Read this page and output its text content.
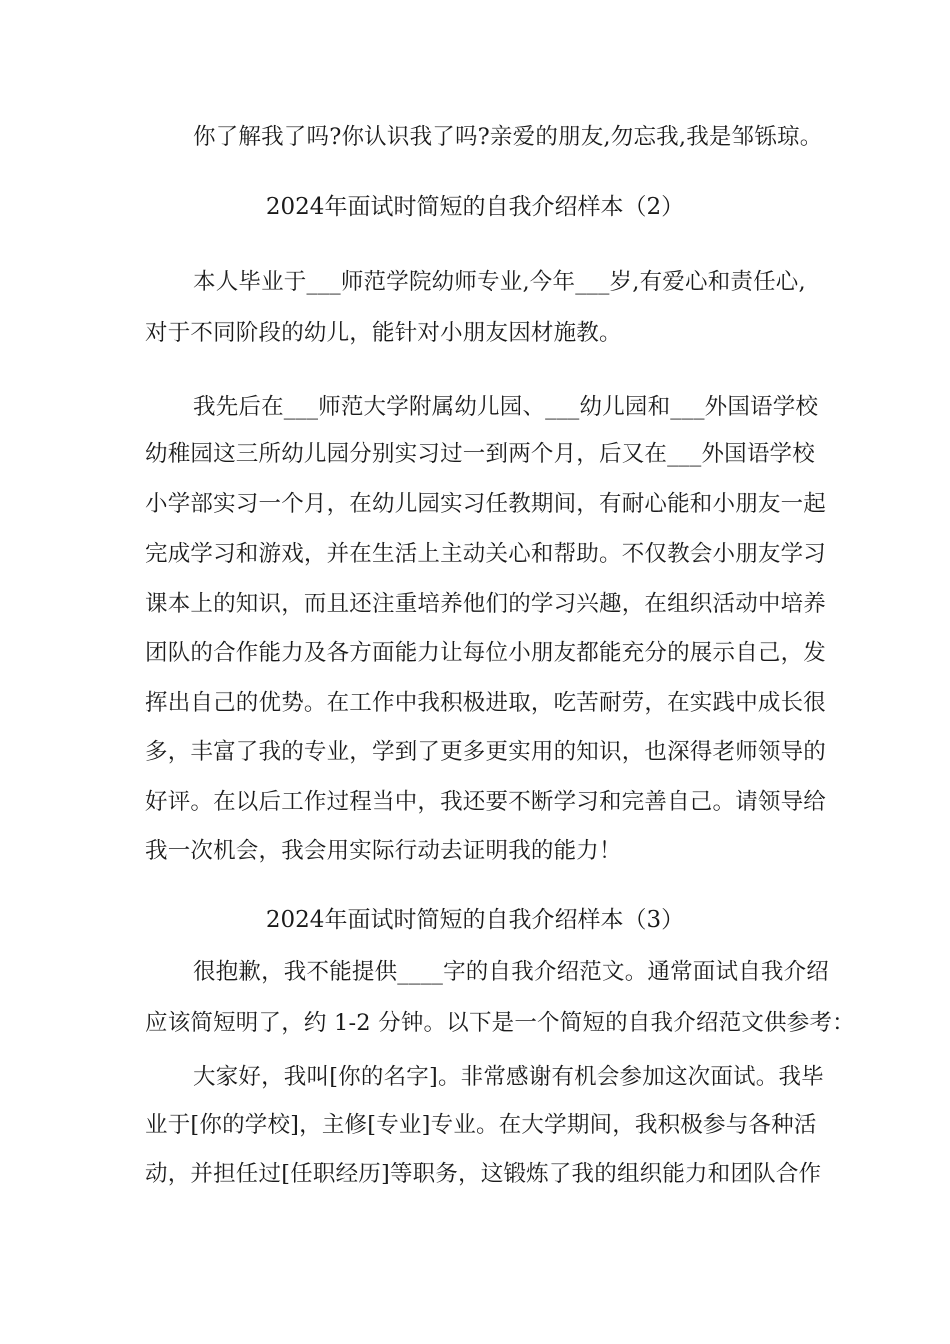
你了解我了吗?你认识我了吗?亲爱的朋友,勿忘我,我是邹铄琼。
2024年面试时简短的自我介绍样本（2）
本人毕业于___师范学院幼师专业,今年___岁,有爱心和责任心,
对于不同阶段的幼儿，能针对小朋友因材施教。
我先后在___师范大学附属幼儿园、___幼儿园和___外国语学校
幼稚园这三所幼儿园分别实习过一到两个月，后又在___外国语学校
小学部实习一个月，在幼儿园实习任教期间，有耐心能和小朋友一起
完成学习和游戏，并在生活上主动关心和帮助。不仅教会小朋友学习
课本上的知识，而且还注重培养他们的学习兴趣，在组织活动中培养
团队的合作能力及各方面能力让每位小朋友都能充分的展示自己，发
挥出自己的优势。在工作中我积极进取，吃苦耐劳，在实践中成长很
多，丰富了我的专业，学到了更多更实用的知识，也深得老师领导的
好评。在以后工作过程当中，我还要不断学习和完善自己。请领导给
我一次机会，我会用实际行动去证明我的能力！
2024年面试时简短的自我介绍样本（3）
很抱歉，我不能提供____字的自我介绍范文。通常面试自我介绍
应该简短明了，约 1-2 分钟。以下是一个简短的自我介绍范文供参考：
大家好，我叫[你的名字]。非常感谢有机会参加这次面试。我毕
业于[你的学校]，主修[专业]专业。在大学期间，我积极参与各种活
动，并担任过[任职经历]等职务，这锻炼了我的组织能力和团队合作
